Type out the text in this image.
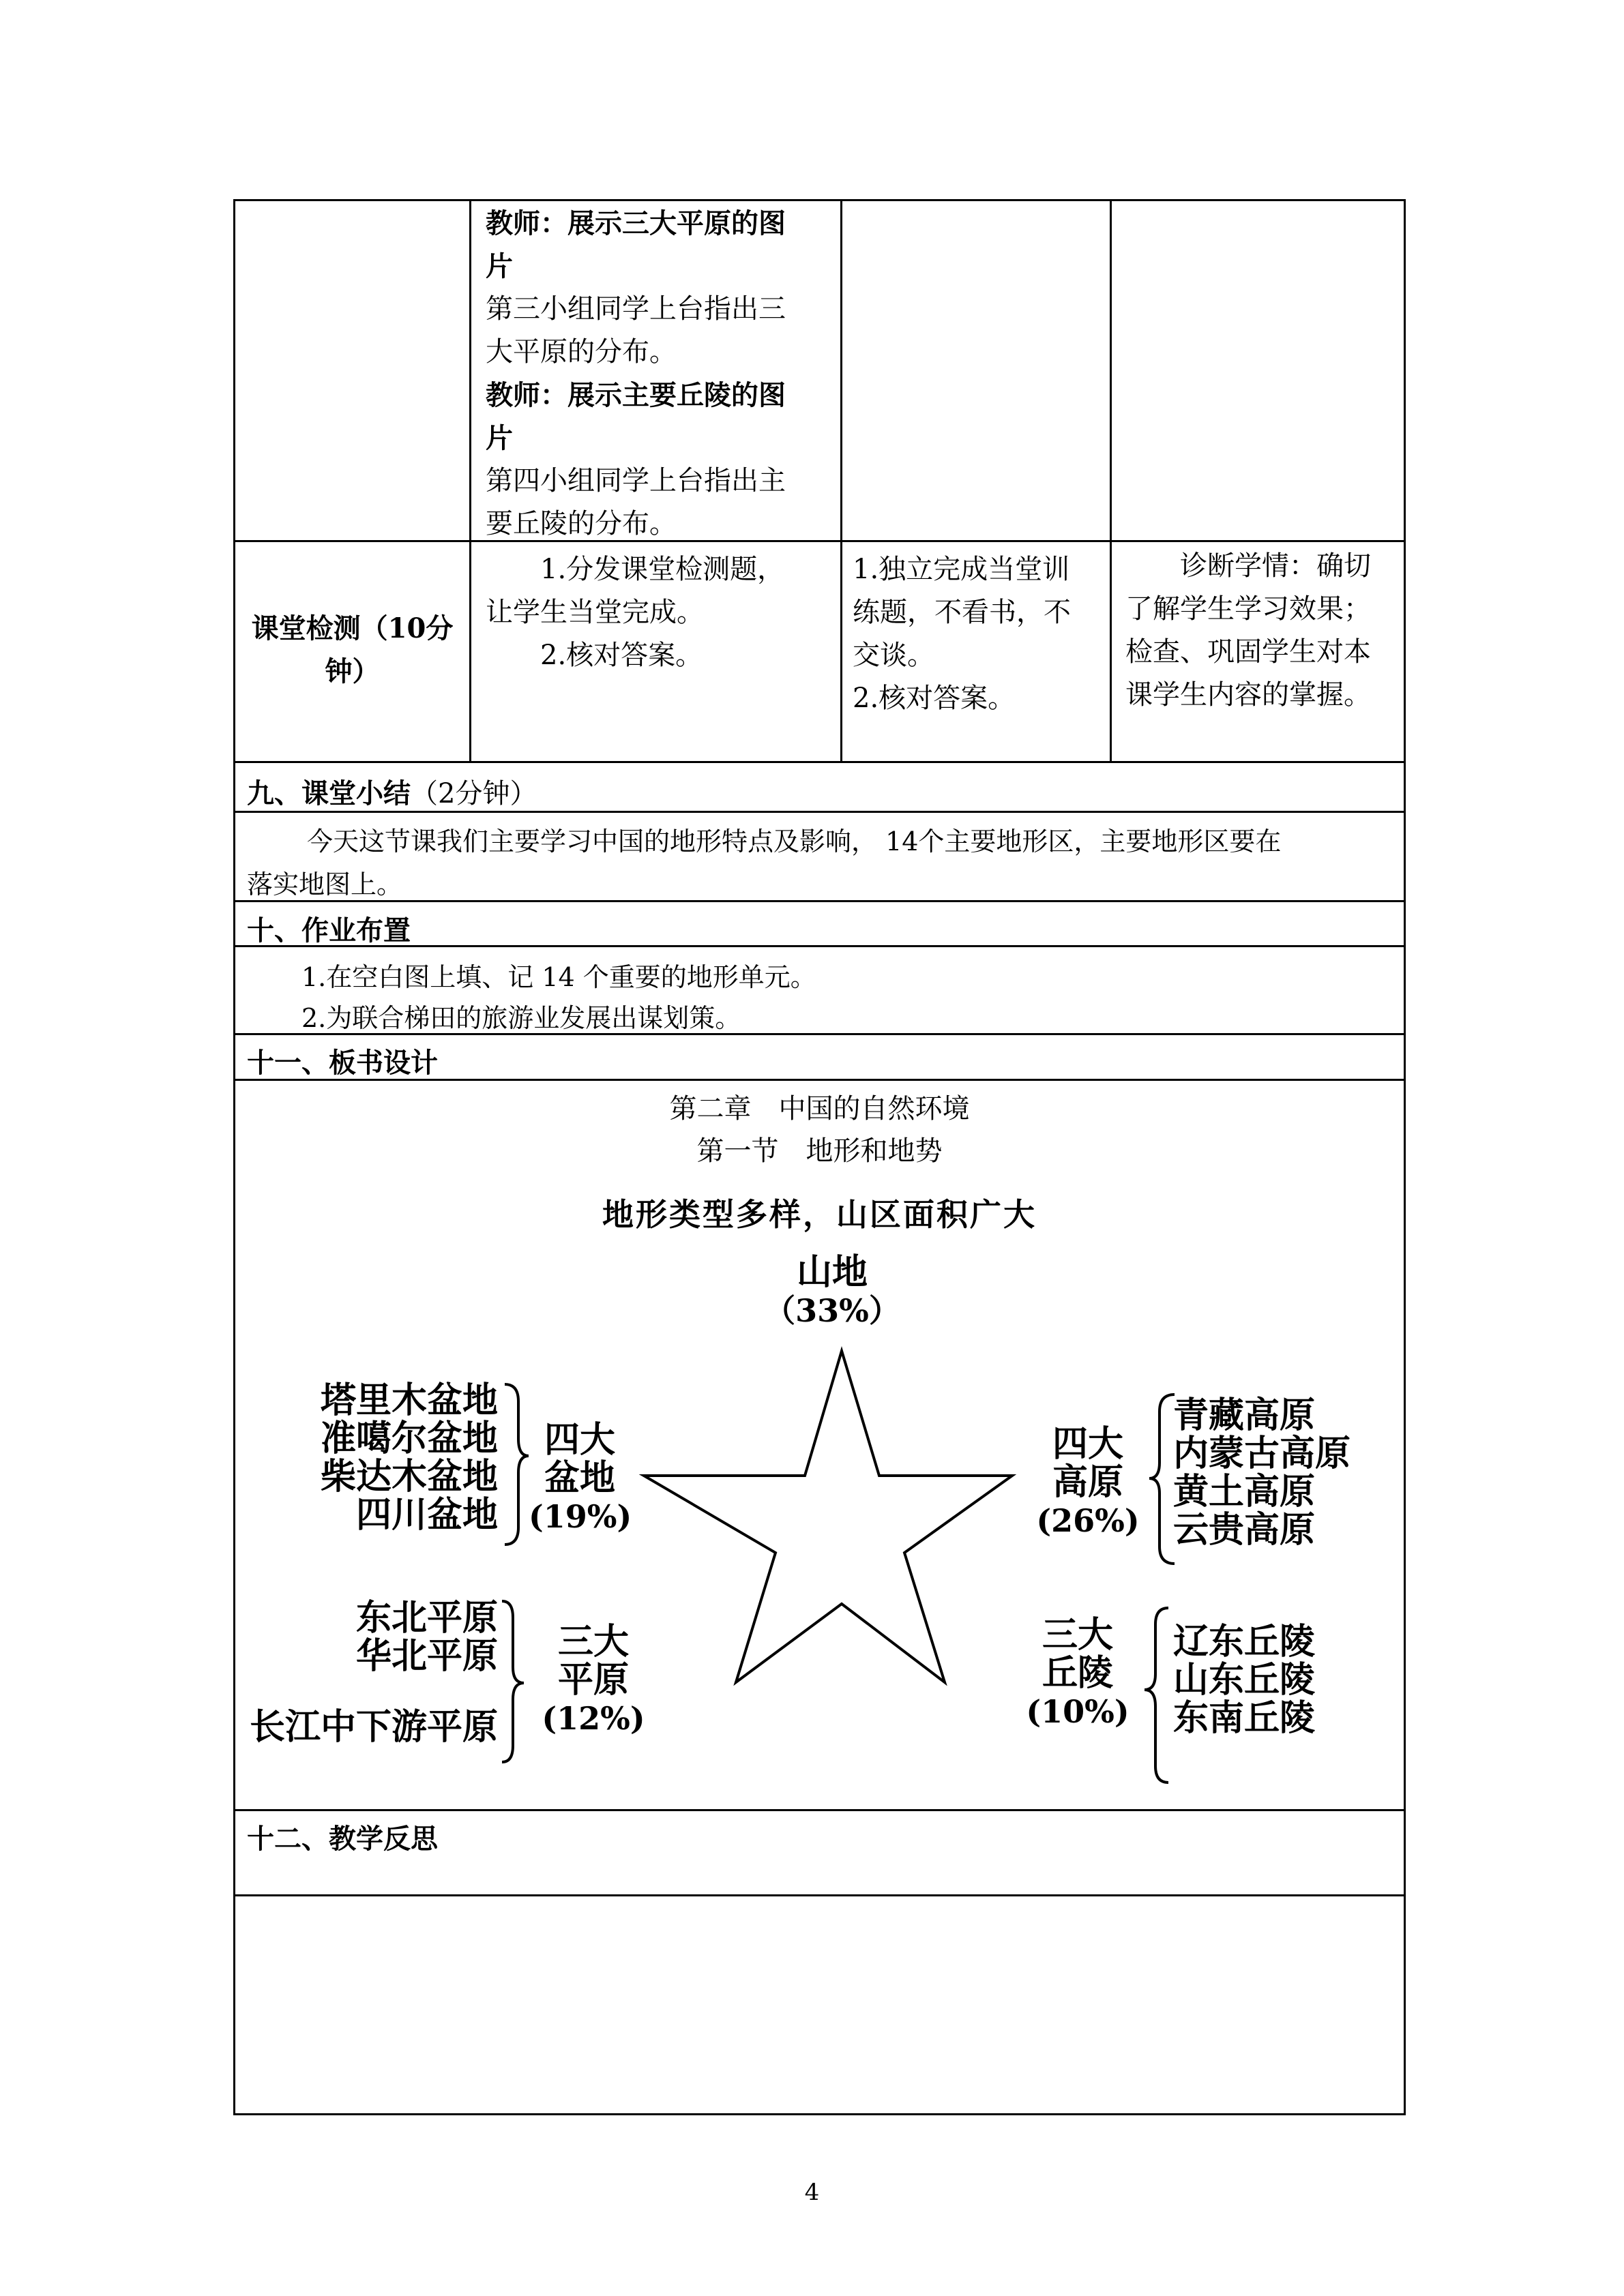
教师：展示三大平原的图
片
第三小组同学上台指出三
大平原的分布。
教师：展示主要丘陵的图
片
第四小组同学上台指出主
要丘陵的分布。
课堂检测（10分
钟）
1.分发课堂检测题，
让学生当堂完成。
2.核对答案。
1.独立完成当堂训
练题，不看书，不
交谈。
2.核对答案。
诊断学情：确切
了解学生学习效果；
检查、巩固学生对本
课学生内容的掌握。
九、课堂小结（2分钟）
今天这节课我们主要学习中国的地形特点及影响， 14个主要地形区，主要地形区要在
落实地图上。
十、作业布置
1.在空白图上填、记 14 个重要的地形单元。
2.为联合梯田的旅游业发展出谋划策。
十一、板书设计
第二章　中国的自然环境
第一节　地形和地势
地形类型多样，山区面积广大
山地
（33%）
塔里木盆地
准噶尔盆地
柴达木盆地
四川盆地
四大
盆地
(19%)
四大
高原
(26%)
青藏高原
内蒙古高原
黄土高原
云贵高原
东北平原
华北平原
长江中下游平原
三大
平原
(12%)
三大
丘陵
(10%)
辽东丘陵
山东丘陵
东南丘陵
十二、教学反思
4
